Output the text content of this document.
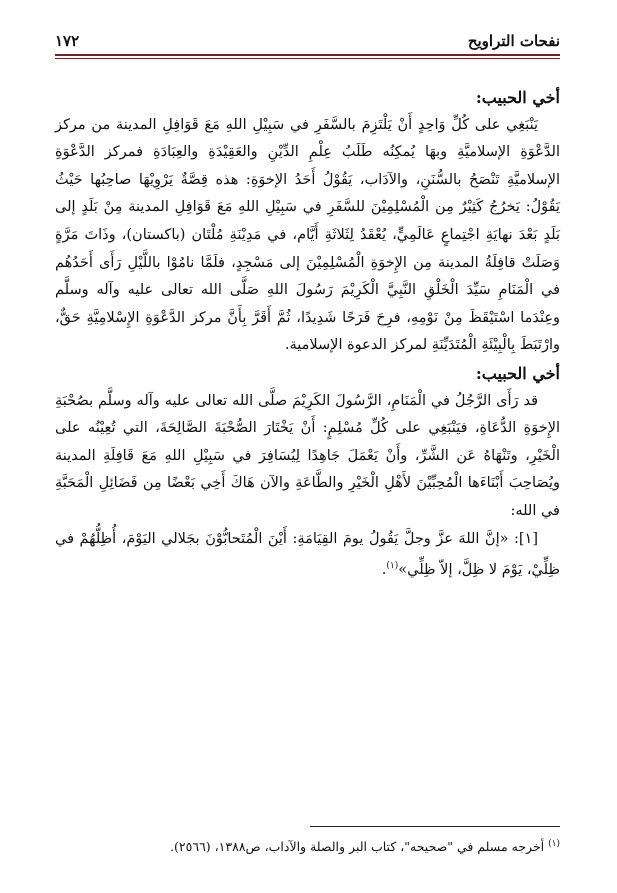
نفحات التراويح
١٧٢

أخي الحبيب:

يَنْبَغِي على كُلِّ وَاحِدٍ أَنْ يَلْتَزِمَ بالسَّفَرِ في سَبِيْلِ اللهِ مَعَ قَوَافِلِ المدينة من مركز الدَّعْوَةِ الإسلاميَّةِ وبهَا يُمكِنُه طَلَبُ عِلْمِ الدِّيْنِ والعَقِيْدَةِ والعِبَادَةِ فمركز الدَّعْوَةِ الإسلاميَّةِ تَنْصَحُ بالسُّنَنِ، والآدَاب، يَقُوْلُ أَحَدُ الإخوَةِ: هذه قِصَّةٌ يَرْوِيْهَا صاحِبُها حَيْثُ يَقُوْلُ: يَخرُجُ كَثِيْرٌ مِن الْمُسْلِمِيْنَ للسَّفَرِ في سَبِيْلِ اللهِ مَعَ قَوَافِلِ المدينة مِنْ بَلَدٍ إلى بَلَدٍ بَعْدَ نهايَةِ اجْتِماعٍ عَالَمِيٍّ، يُعْقَدُ لِثَلاثَةِ أَيَّام، في مَدِيْنَةِ مُلْتَان (باكستان)، وذَاتَ مَرَّةٍ وَصَلَتْ قافِلَةُ المدينة مِن الإِخوَةِ الْمُسْلِمِيْنَ إلى مَسْجِدٍ، فلَمَّا نامُوْا باللَّيْلِ رَأَى أَحَدُهُم في الْمَنَامِ سَيِّدَ الْخَلْقِ النَّبِيَّ الْكَرِيْمَ رَسُولَ اللهِ صَلَّى الله تعالى عليه وآله وسلَّم وعِنْدَما اسْتَيْقَظَ مِنْ نَوْمِهِ، فرِحَ فَرَحًا شَدِيدًا، ثُمَّ أَقَرَّ بِأَنَّ مركز الدَّعْوَةِ الإِسْلامِيَّةِ حَقٌّ، وارْتَبَطَ بِالْبِيْئَةِ الْمُتَدَيِّنَةِ لمركز الدعوة الإسلامية.

أخي الحبيب:

قد رَأَى الرَّجُلُ في الْمَنَامِ، الرَّسُولَ الكَرِيْمَ صلَّى الله تعالى عليه وآله وسلَّم بصُحْبَةِ الإِخوَةِ الدُّعَاةِ، فيَنْبَغِي على كُلِّ مُسْلِمٍ: أَنْ يَخْتَارَ الصُّحْبَةَ الصَّالِحَةَ، التي تُعِيْنُه على الْخَيْرِ، وتَنْهَاهُ عَن الشَّرِّ، وأَنْ يَعْمَلَ جَاهِدًا لِيُسَافِرَ في سَبِيْلِ اللهِ مَعَ قَافِلَةِ المدينة ويُصَاحِبَ أَبْنَاءَها الْمُحِبِّيْنَ لأَهْلِ الْخَيْرِ والطَّاعَةِ والآن هَاكَ أَخِي بَعْضًا مِن فَضَائِلِ الْمَحَبَّةِ في الله:

[١]: «إنَّ اللهَ عزَّ وجلَّ يَقُولُ يومَ القِيَامَةِ: أَيْنَ الْمُتَحابُّوْنَ بجَلالي اليَوْمَ، أُظِلُّهُمْ في ظِلِّيْ، يَوْمَ لا ظِلَّ، إلاّ ظِلِّي»$^{(١)}$.

$^{(١)}$ أخرجه مسلم في "صحيحه"، كتاب البر والصلة والآداب، ص١٣٨٨، (٢٥٦٦).
